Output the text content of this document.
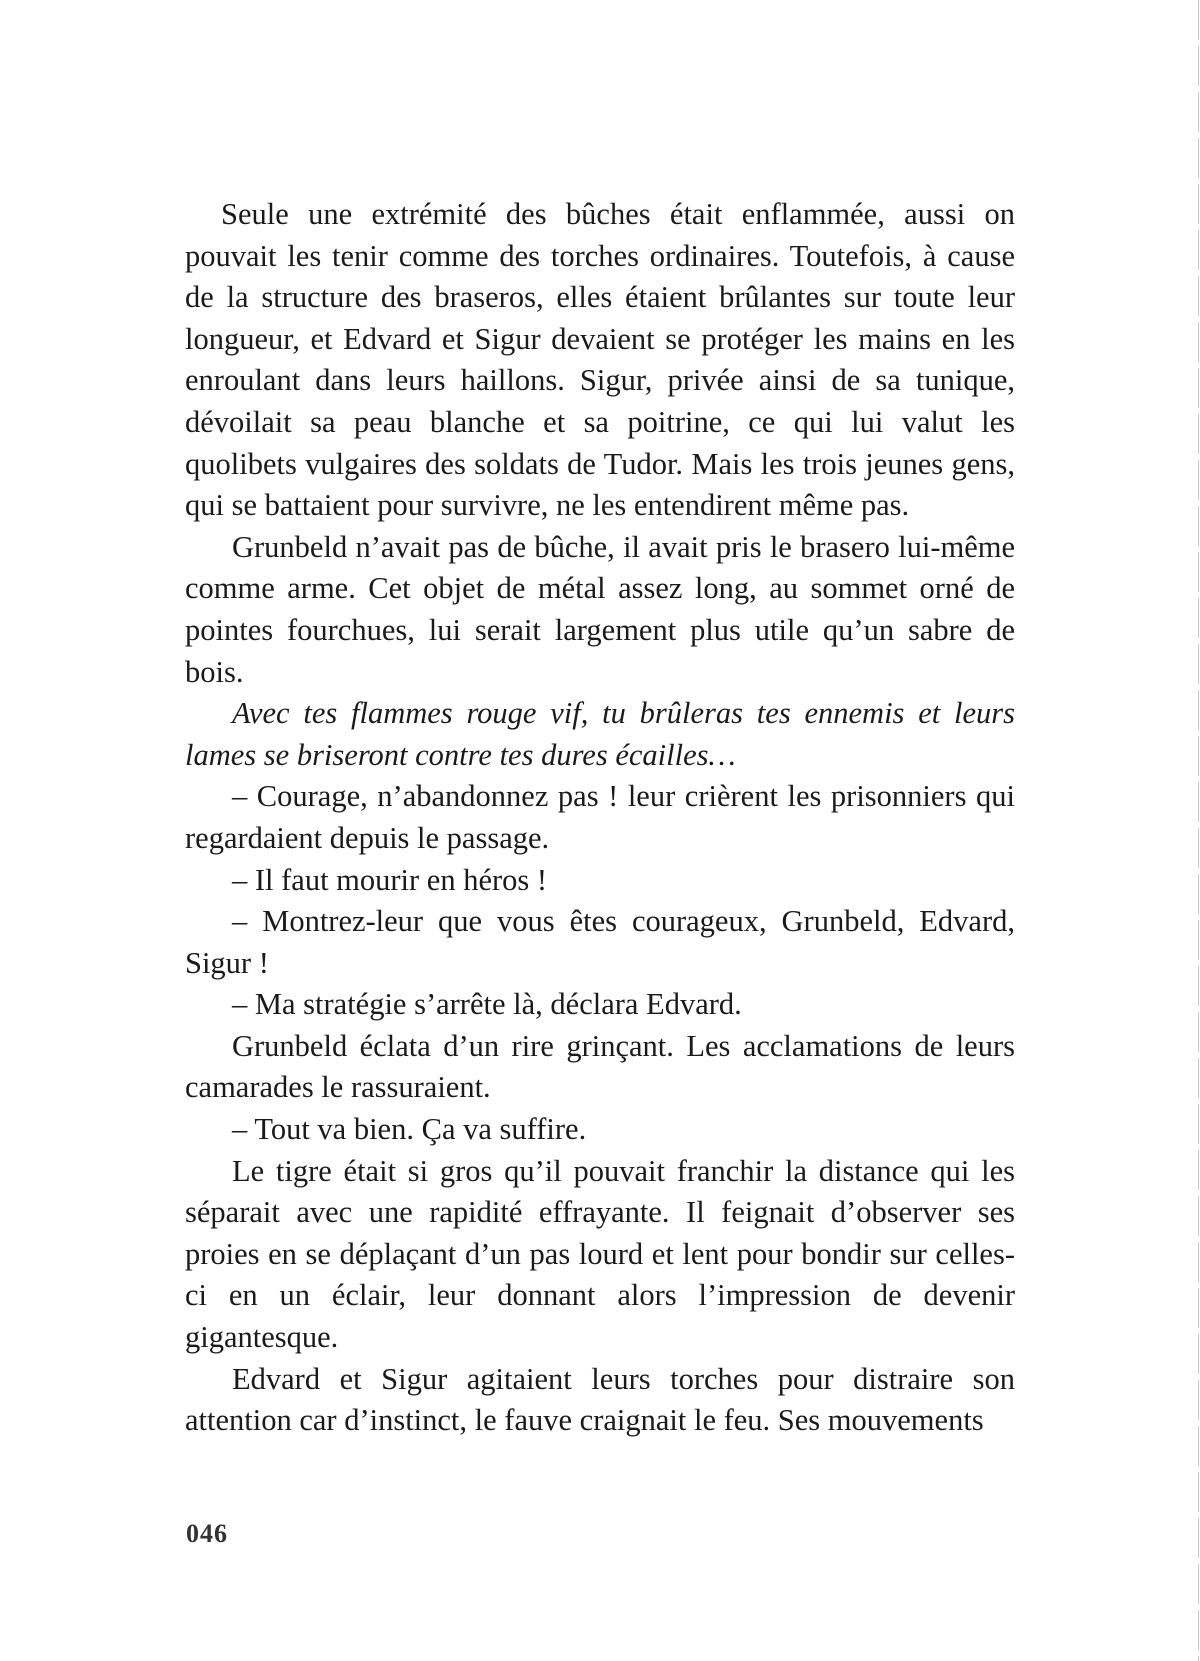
Seule une extrémité des bûches était enflammée, aussi on pouvait les tenir comme des torches ordinaires. Toutefois, à cause de la structure des braseros, elles étaient brûlantes sur toute leur longueur, et Edvard et Sigur devaient se protéger les mains en les enroulant dans leurs haillons. Sigur, privée ainsi de sa tunique, dévoilait sa peau blanche et sa poitrine, ce qui lui valut les quolibets vulgaires des soldats de Tudor. Mais les trois jeunes gens, qui se battaient pour survivre, ne les entendirent même pas.

Grunbeld n’avait pas de bûche, il avait pris le brasero lui-même comme arme. Cet objet de métal assez long, au sommet orné de pointes fourchues, lui serait largement plus utile qu’un sabre de bois.

Avec tes flammes rouge vif, tu brûleras tes ennemis et leurs lames se briseront contre tes dures écailles…

– Courage, n’abandonnez pas ! leur crièrent les prisonniers qui regardaient depuis le passage.

– Il faut mourir en héros !

– Montrez-leur que vous êtes courageux, Grunbeld, Edvard, Sigur !

– Ma stratégie s’arrête là, déclara Edvard.

Grunbeld éclata d’un rire grinçant. Les acclamations de leurs camarades le rassuraient.

– Tout va bien. Ça va suffire.

Le tigre était si gros qu’il pouvait franchir la distance qui les séparait avec une rapidité effrayante. Il feignait d’observer ses proies en se déplaçant d’un pas lourd et lent pour bondir sur celles-ci en un éclair, leur donnant alors l’impression de devenir gigantesque.

Edvard et Sigur agitaient leurs torches pour distraire son attention car d’instinct, le fauve craignait le feu. Ses mouvements

046
